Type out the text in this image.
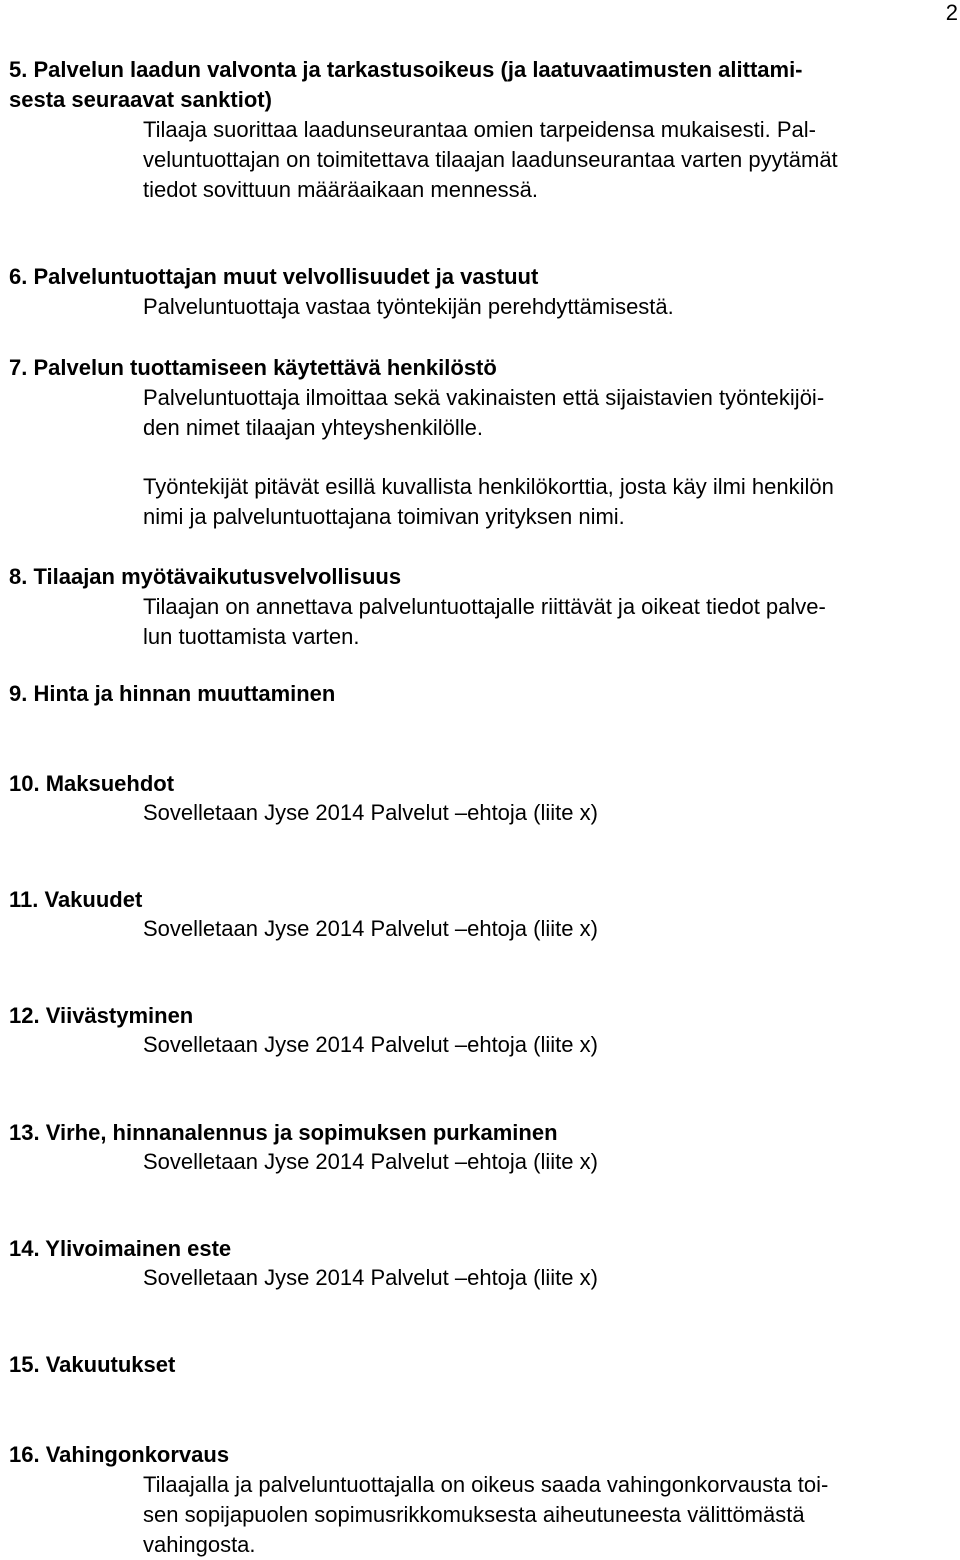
2
5. Palvelun laadun valvonta ja tarkastusoikeus (ja laatuvaatimusten alittami-
sesta seuraavat sanktiot)
Tilaaja suorittaa laadunseurantaa omien tarpeidensa mukaisesti. Pal-
veluntuottajan on toimitettava tilaajan laadunseurantaa varten pyytämät
tiedot sovittuun määräaikaan mennessä.
6. Palveluntuottajan muut velvollisuudet ja vastuut
Palveluntuottaja vastaa työntekijän perehdyttämisestä.
7. Palvelun tuottamiseen käytettävä henkilöstö
Palveluntuottaja ilmoittaa sekä vakinaisten että sijaistavien työntekijöi-
den nimet tilaajan yhteyshenkilölle.
Työntekijät pitävät esillä kuvallista henkilökorttia, josta käy ilmi henkilön
nimi ja palveluntuottajana toimivan yrityksen nimi.
8. Tilaajan myötävaikutusvelvollisuus
Tilaajan on annettava palveluntuottajalle riittävät ja oikeat tiedot palve-
lun tuottamista varten.
9. Hinta ja hinnan muuttaminen
10. Maksuehdot
Sovelletaan Jyse 2014 Palvelut –ehtoja (liite x)
11. Vakuudet
Sovelletaan Jyse 2014 Palvelut –ehtoja (liite x)
12. Viivästyminen
Sovelletaan Jyse 2014 Palvelut –ehtoja (liite x)
13. Virhe, hinnanalennus ja sopimuksen purkaminen
Sovelletaan Jyse 2014 Palvelut –ehtoja (liite x)
14. Ylivoimainen este
Sovelletaan Jyse 2014 Palvelut –ehtoja (liite x)
15. Vakuutukset
16. Vahingonkorvaus
Tilaajalla ja palveluntuottajalla on oikeus saada vahingonkorvausta toi-
sen sopijapuolen sopimusrikkomuksesta aiheutuneesta välittömästä
vahingosta.
